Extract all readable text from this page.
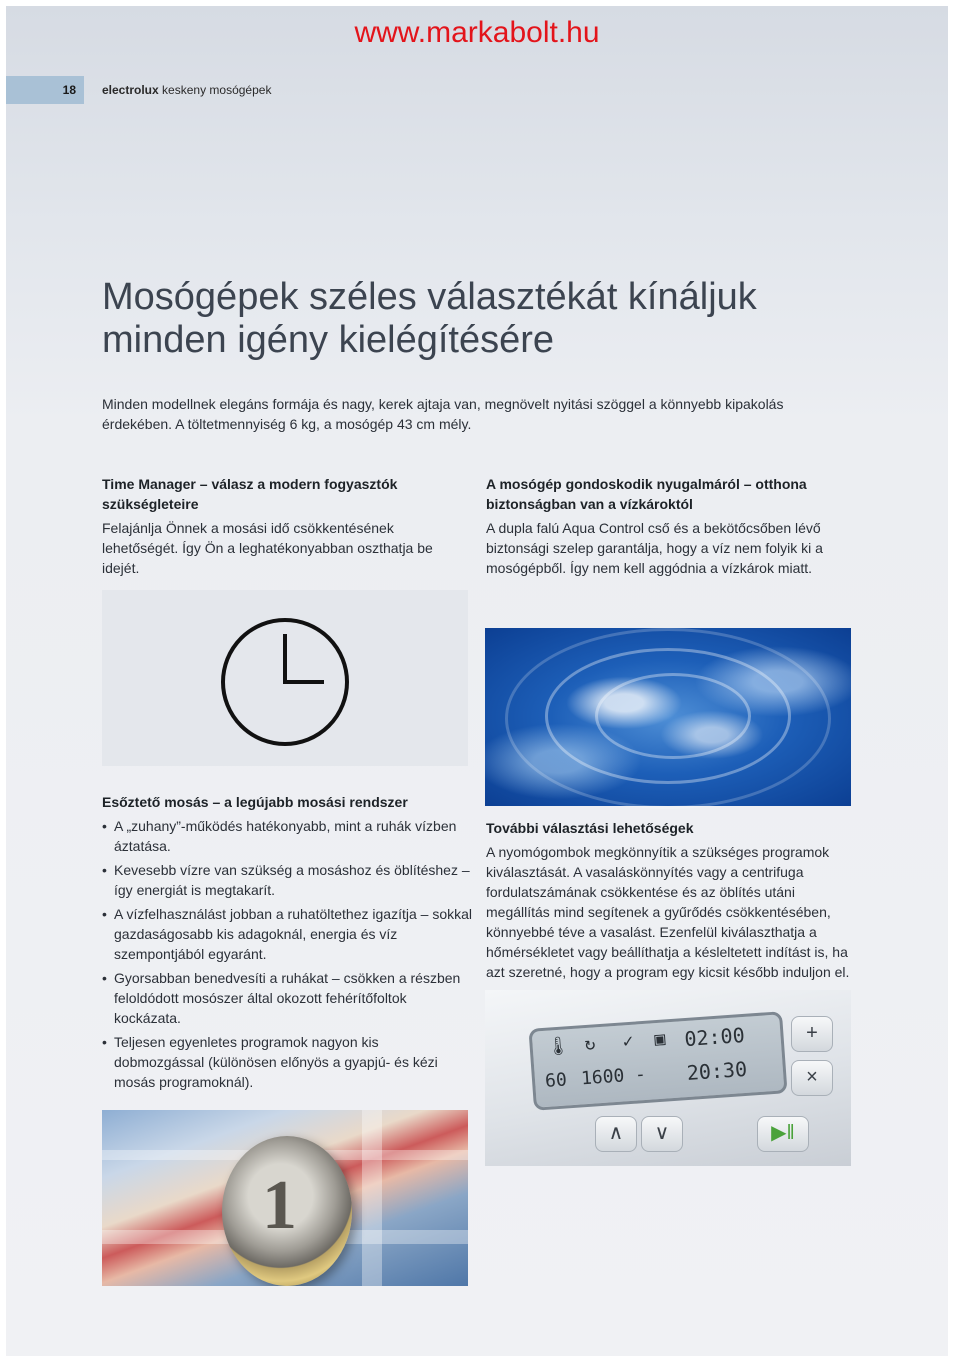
www.markabolt.hu
18	electrolux keskeny mosógépek
Mosógépek széles választékát kínáljuk
minden igény kielégítésére

Minden modellnek elegáns formája és nagy, kerek ajtaja van, megnövelt nyitási szöggel a könnyebb kipakolás érdekében. A töltetmennyiség 6 kg, a mosógép 43 cm mély.

Time Manager – válasz a modern fogyasztók szükségleteire

Felajánlja Önnek a mosási idő csökkentésének lehetőségét. Így Ön a leghatékonyabban oszthatja be idejét.

A mosógép gondoskodik nyugalmáról – otthona biztonságban van a vízkároktól

A dupla falú Aqua Control cső és a bekötőcsőben lévő biztonsági szelep garantálja, hogy a víz nem folyik ki a mosógépből. Így nem kell aggódnia a vízkárok miatt.

Esőztető mosás – a legújabb mosási rendszer
• A „zuhany”-működés hatékonyabb, mint a ruhák vízben áztatása.
• Kevesebb vízre van szükség a mosáshoz és öblítéshez – így energiát is megtakarít.
• A vízfelhasználást jobban a ruhatöltethez igazítja – sokkal gazdaságosabb kis adagoknál, energia és víz szempontjából egyaránt.
• Gyorsabban benedvesíti a ruhákat – csökken a részben feloldódott mosószer által okozott fehérítőfoltok kockázata.
• Teljesen egyenletes programok nagyon kis dobmozgással (különösen előnyös a gyapjú- és kézi mosás programoknál).
További választási lehetőségek

A nyomógombok megkönnyítik a szükséges programok kiválasztását. A vasaláskönnyítés vagy a centrifuga fordulatszámának csökkentése és az öblítés utáni megállítás mind segítenek a gyűrődés csökkentésében, könnyebbé téve a vasalást. Ezenfelül kiválaszthatja a hőmérsékletet vagy beállíthatja a késleltetett indítást is, ha azt szeretné, hogy a program egy kicsit később induljon el.

🌡 ↻ ✓ ▣ 02:00
60 1600 - 20:30
+
×
∧	∨	▶‖
1
